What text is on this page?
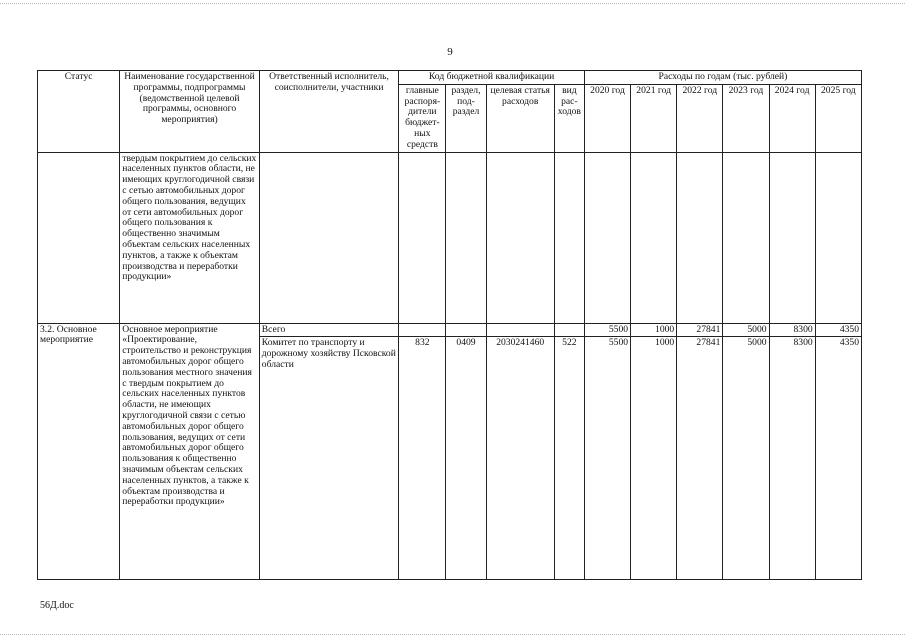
9
Статус	Наименование государственной программы, подпрограммы (ведомственной целевой программы, основного мероприятия)	Ответственный исполнитель, соисполнители, участники	Код бюджетной квалификации				Расходы по годам (тыс. рублей)					
			главные распоря-дители бюджет-ных средств	раздел, под-раздел	целевая статья расходов	вид рас-ходов	2020 год	2021 год	2022 год	2023 год	2024 год	2025 год
	твердым покрытием до сельских населенных пунктов области, не имеющих круглогодичной связи с сетью автомобильных дорог общего пользования, ведущих от сети автомобильных дорог общего пользования к общественно значимым объектам сельских населенных пунктов, а также к объектам производства и переработки продукции»											
3.2. Основное мероприятие	Основное мероприятие «Проектирование, строительство и реконструкция автомобильных дорог общего пользования местного значения с твердым покрытием до сельских населенных пунктов области, не имеющих круглогодичной связи с сетью автомобильных дорог общего пользования, ведущих от сети автомобильных дорог общего пользования к общественно значимым объектам сельских населенных пунктов, а также к объектам производства и переработки продукции»	Всего					5500	1000	27841	5000	8300	4350
		Комитет по транспорту и дорожному хозяйству Псковской области	832	0409	2030241460	522	5500	1000	27841	5000	8300	4350
56Д.doc
